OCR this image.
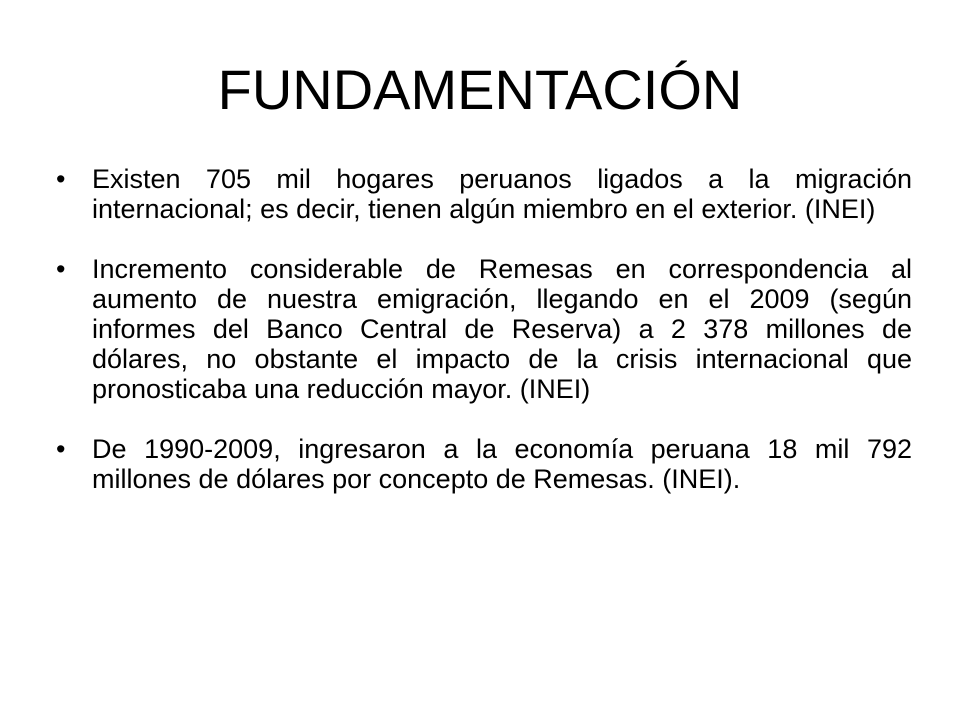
FUNDAMENTACIÓN
• Existen 705 mil hogares peruanos ligados a la migración internacional; es decir, tienen algún miembro en el exterior. (INEI)
• Incremento considerable de Remesas en correspondencia al aumento de nuestra emigración, llegando en el 2009 (según informes del Banco Central de Reserva) a 2 378 millones de dólares, no obstante el impacto de la crisis internacional que pronosticaba una reducción mayor. (INEI)
• De 1990-2009, ingresaron a la economía peruana 18 mil 792 millones de dólares por concepto de Remesas. (INEI).
